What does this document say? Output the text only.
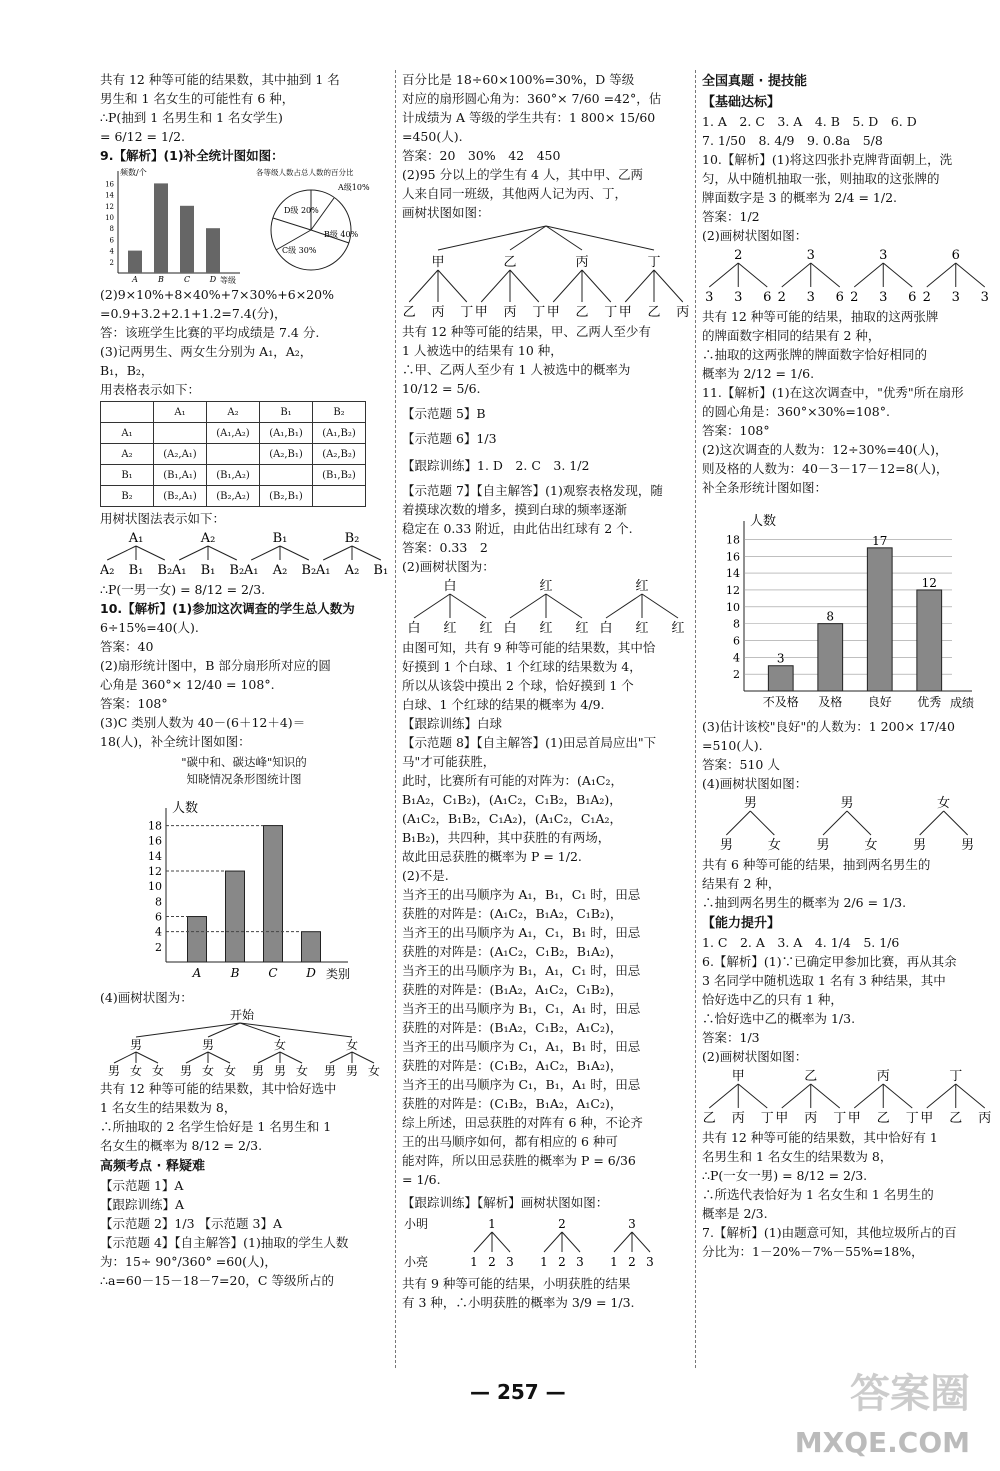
共有 12 种等可能的结果数，其中抽到 1 名

男生和 1 名女生的可能性有 6 种，

∴P(抽到 1 名男生和 1 名女学生)

= 6/12 = 1/2.

9.【解析】(1)补全统计图如图：

频数/个
等级
16
14
12
10
8
6
4
2
A	B C D
各等级人数占总人数的百分比
D级 20%
C级 30%
B级 40%
A级10%

(2)9×10%+8×40%+7×30%+6×20%

=0.9+3.2+2.1+1.2=7.4(分)，

答：该班学生比赛的平均成绩是 7.4 分.

(3)记两男生、两女生分别为 A₁，A₂，

B₁，B₂，

用表格表示如下：

	A₁	A₂	B₁	B₂
A₁		(A₁,A₂)	(A₁,B₁)	(A₁,B₂)
A₂	(A₂,A₁)		(A₂,B₁)	(A₂,B₂)
B₁	(B₁,A₁)	(B₁,A₂)		(B₁,B₂)
B₂	(B₂,A₁)	(B₂,A₂)	(B₂,B₁)	

用树状图法表示如下：

A₁
A₂ B₁ B₂
A₂
A₁ B₁ B₂
B₁
A₁ A₂ B₂
B₂
A₁ A₂ B₁

∴P(一男一女) = 8/12 = 2/3.

10.【解析】(1)参加这次调查的学生总人数为

6÷15%=40(人).

答案：40

(2)扇形统计图中，B 部分扇形所对应的圆

心角是 360°× 12/40 = 108°.

答案：108°

(3)C 类别人数为 40－(6＋12＋4)＝

18(人)，补全统计图如图：

"碳中和、碳达峰"知识的

知晓情况条形图统计图

人数
类别
2
4
6
8
10
12
14
16
18
A B C D

(4)画树状图为：

开始
男
男 女 女
男
男 女 女
女
男 男 女
女
男 男 女

共有 12 种等可能的结果数，其中恰好选中

1 名女生的结果数为 8，

∴所抽取的 2 名学生恰好是 1 名男生和 1

名女生的概率为 8/12 = 2/3.

高频考点 · 释疑难

【示范题 1】A

【跟踪训练】A

【示范题 2】1/3 【示范题 3】A

【示范题 4】【自主解答】(1)抽取的学生人数

为：15÷ 90°/360° =60(人)，

∴a=60－15－18－7=20，C 等级所占的

百分比是 18÷60×100%=30%，D 等级

对应的扇形圆心角为：360°× 7/60 =42°，估

计成绩为 A 等级的学生共有：1 800× 15/60

=450(人).

答案：20　30%　42　450

(2)95 分以上的学生有 4 人，其中甲、乙两

人来自同一班级，其他两人记为丙、丁，

画树状图如图：

甲
乙 丙 丁
乙
甲 丙 丁
丙
甲 乙 丁
丁
甲 乙 丙

共有 12 种等可能的结果，甲、乙两人至少有

1 人被选中的结果有 10 种，

∴甲、乙两人至少有 1 人被选中的概率为

10/12 = 5/6.

【示范题 5】B

【示范题 6】1/3

【跟踪训练】1. D　2. C　3. 1/2

【示范题 7】【自主解答】(1)观察表格发现，随

着摸球次数的增多，摸到白球的频率逐渐

稳定在 0.33 附近，由此估出红球有 2 个.

答案：0.33　2

(2)画树状图为：

白
白 红 红
红
白 红 红
红
白 红 红

由图可知，共有 9 种等可能的结果数，其中恰

好摸到 1 个白球、1 个红球的结果数为 4，

所以从该袋中摸出 2 个球，恰好摸到 1 个

白球、1 个红球的结果的概率为 4/9.

【跟踪训练】白球

【示范题 8】【自主解答】(1)田忌首局应出"下

马"才可能获胜，

此时，比赛所有可能的对阵为：(A₁C₂，

B₁A₂，C₁B₂)，(A₁C₂，C₁B₂，B₁A₂)，

(A₁C₂，B₁B₂，C₁A₂)，(A₁C₂，C₁A₂，

B₁B₂)，共四种，其中获胜的有两场，

故此田忌获胜的概率为 P = 1/2.

(2)不是.

当齐王的出马顺序为 A₁，B₁，C₁ 时，田忌

获胜的对阵是：(A₁C₂，B₁A₂，C₁B₂)，

当齐王的出马顺序为 A₁，C₁，B₁ 时，田忌

获胜的对阵是：(A₁C₂，C₁B₂，B₁A₂)，

当齐王的出马顺序为 B₁，A₁，C₁ 时，田忌

获胜的对阵是：(B₁A₂，A₁C₂，C₁B₂)，

当齐王的出马顺序为 B₁，C₁，A₁ 时，田忌

获胜的对阵是：(B₁A₂，C₁B₂，A₁C₂)，

当齐王的出马顺序为 C₁，A₁，B₁ 时，田忌

获胜的对阵是：(C₁B₂，A₁C₂，B₁A₂)，

当齐王的出马顺序为 C₁，B₁，A₁ 时，田忌

获胜的对阵是：(C₁B₂，B₁A₂，A₁C₂)，

综上所述，田忌获胜的对阵有 6 种，不论齐

王的出马顺序如何，都有相应的 6 种可

能对阵，所以田忌获胜的概率为 P = 6/36

= 1/6.

【跟踪训练】【解析】画树状图如图：

小明
小亮
1
1 2 3
2
1 2 3
3
1 2 3

共有 9 种等可能的结果，小明获胜的结果

有 3 种，∴小明获胜的概率为 3/9 = 1/3.

全国真题 · 提技能

【基础达标】

1. A　2. C　3. A　4. B　5. D　6. D

7. 1/50　8. 4/9　9. 0.8a　5/8

10.【解析】(1)将这四张扑克牌背面朝上，洗

匀，从中随机抽取一张，则抽取的这张牌的

牌面数字是 3 的概率为 2/4 = 1/2.

答案：1/2

(2)画树状图如图：

2
3 3 6
3
2 3 6
3
2 3 6
6
2 3 3

共有 12 种等可能的结果，抽取的这两张牌

的牌面数字相同的结果有 2 种，

∴抽取的这两张牌的牌面数字恰好相同的

概率为 2/12 = 1/6.

11.【解析】(1)在这次调查中，"优秀"所在扇形

的圆心角是：360°×30%=108°.

答案：108°

(2)这次调查的人数为：12÷30%=40(人)，

则及格的人数为：40－3－17－12=8(人)，

补全条形统计图如图：

人数
成绩
2
4
6
8
10
12
14
16
18
3
不及格
8
及格
17
良好
12
优秀

(3)估计该校"良好"的人数为：1 200× 17/40

=510(人).

答案：510 人

(4)画树状图如图：

男
男	女
男
男	女
女
男	男

共有 6 种等可能的结果，抽到两名男生的

结果有 2 种，

∴抽到两名男生的概率为 2/6 = 1/3.

【能力提升】

1. C　2. A　3. A　4. 1/4　5. 1/6

6.【解析】(1)∵已确定甲参加比赛，再从其余

3 名同学中随机选取 1 名有 3 种结果，其中

恰好选中乙的只有 1 种，

∴恰好选中乙的概率为 1/3.

答案：1/3

(2)画树状图如图：

甲
乙 丙 丁
乙
甲 丙 丁
丙
甲 乙 丁
丁
甲 乙 丙

共有 12 种等可能的结果数，其中恰好有 1

名男生和 1 名女生的结果数为 8，

∴P(一女一男) = 8/12 = 2/3.

∴所选代表恰好为 1 名女生和 1 名男生的

概率是 2/3.

7.【解析】(1)由题意可知，其他垃圾所占的百

分比为：1－20%－7%－55%=18%，

— 257 —	答案圈
MXQE.COM
